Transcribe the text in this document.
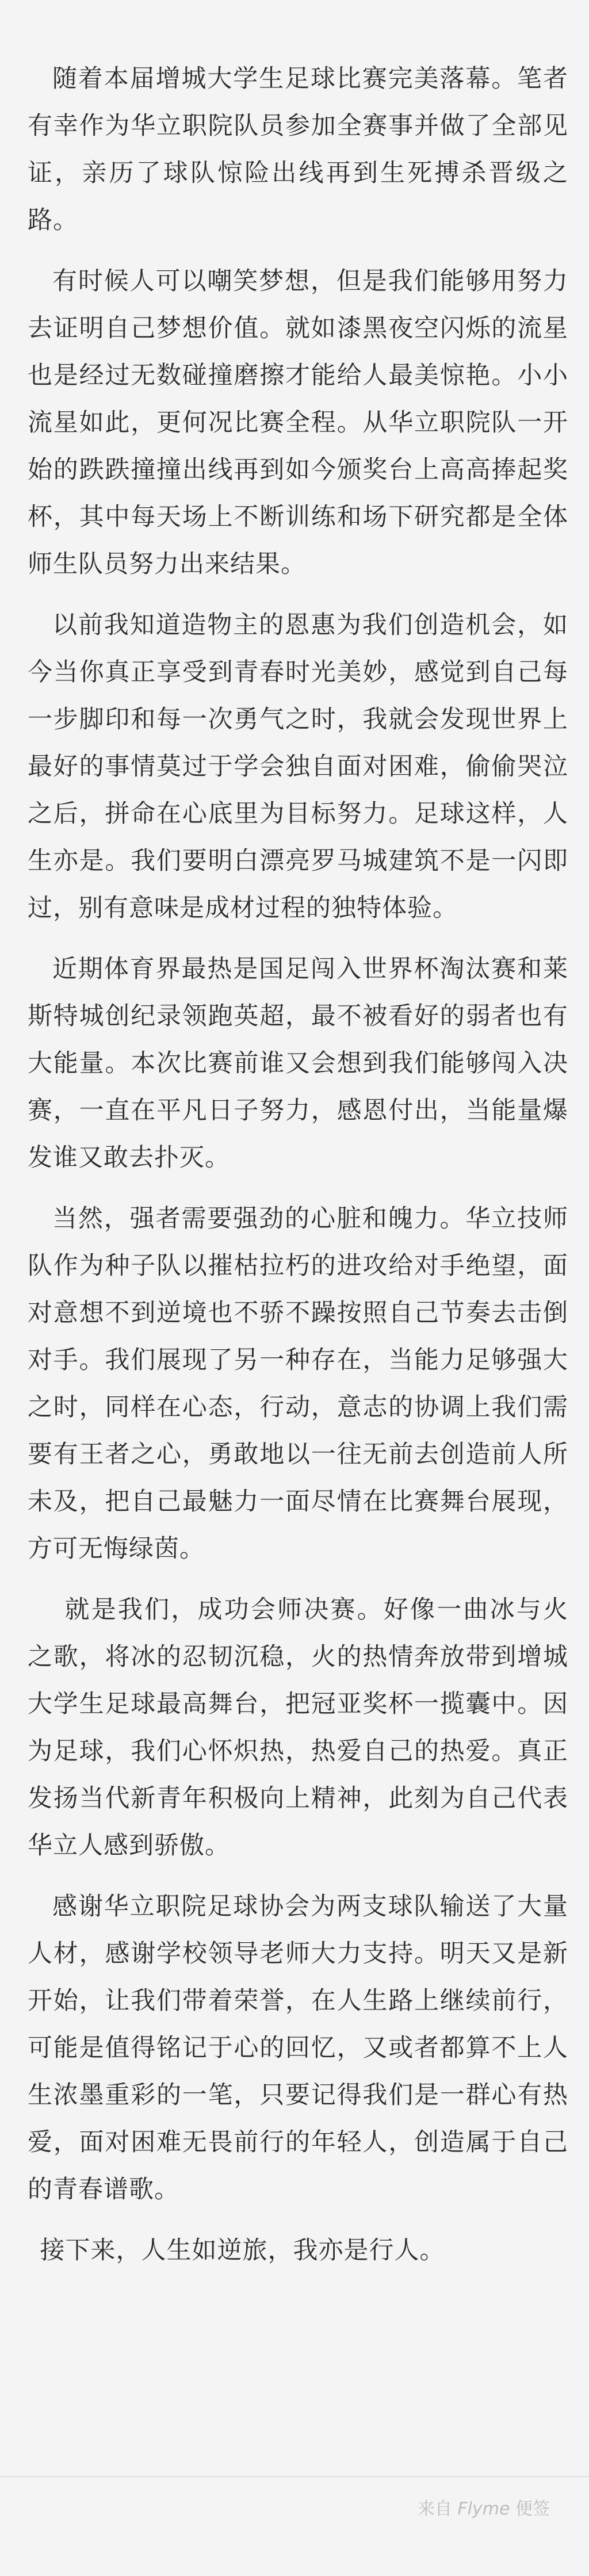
随着本届增城大学生足球比赛完美落幕。笔者有幸作为华立职院队员参加全赛事并做了全部见证，亲历了球队惊险出线再到生死搏杀晋级之路。

有时候人可以嘲笑梦想，但是我们能够用努力去证明自己梦想价值。就如漆黑夜空闪烁的流星也是经过无数碰撞磨擦才能给人最美惊艳。小小流星如此，更何况比赛全程。从华立职院队一开始的跌跌撞撞出线再到如今颁奖台上高高捧起奖杯，其中每天场上不断训练和场下研究都是全体师生队员努力出来结果。

以前我知道造物主的恩惠为我们创造机会，如今当你真正享受到青春时光美妙，感觉到自己每一步脚印和每一次勇气之时，我就会发现世界上最好的事情莫过于学会独自面对困难，偷偷哭泣之后，拼命在心底里为目标努力。足球这样，人生亦是。我们要明白漂亮罗马城建筑不是一闪即过，别有意味是成材过程的独特体验。

近期体育界最热是国足闯入世界杯淘汰赛和莱斯特城创纪录领跑英超，最不被看好的弱者也有大能量。本次比赛前谁又会想到我们能够闯入决赛，一直在平凡日子努力，感恩付出，当能量爆发谁又敢去扑灭。

当然，强者需要强劲的心脏和魄力。华立技师队作为种子队以摧枯拉朽的进攻给对手绝望，面对意想不到逆境也不骄不躁按照自己节奏去击倒对手。我们展现了另一种存在，当能力足够强大之时，同样在心态，行动，意志的协调上我们需要有王者之心，勇敢地以一往无前去创造前人所未及，把自己最魅力一面尽情在比赛舞台展现，方可无悔绿茵。

就是我们，成功会师决赛。好像一曲冰与火之歌，将冰的忍韧沉稳，火的热情奔放带到增城大学生足球最高舞台，把冠亚奖杯一揽囊中。因为足球，我们心怀炽热，热爱自己的热爱。真正发扬当代新青年积极向上精神，此刻为自己代表华立人感到骄傲。

感谢华立职院足球协会为两支球队输送了大量人材，感谢学校领导老师大力支持。明天又是新开始，让我们带着荣誉，在人生路上继续前行，可能是值得铭记于心的回忆，又或者都算不上人生浓墨重彩的一笔，只要记得我们是一群心有热爱，面对困难无畏前行的年轻人，创造属于自己的青春谱歌。

接下来，人生如逆旅，我亦是行人。

来自 Flyme 便签
